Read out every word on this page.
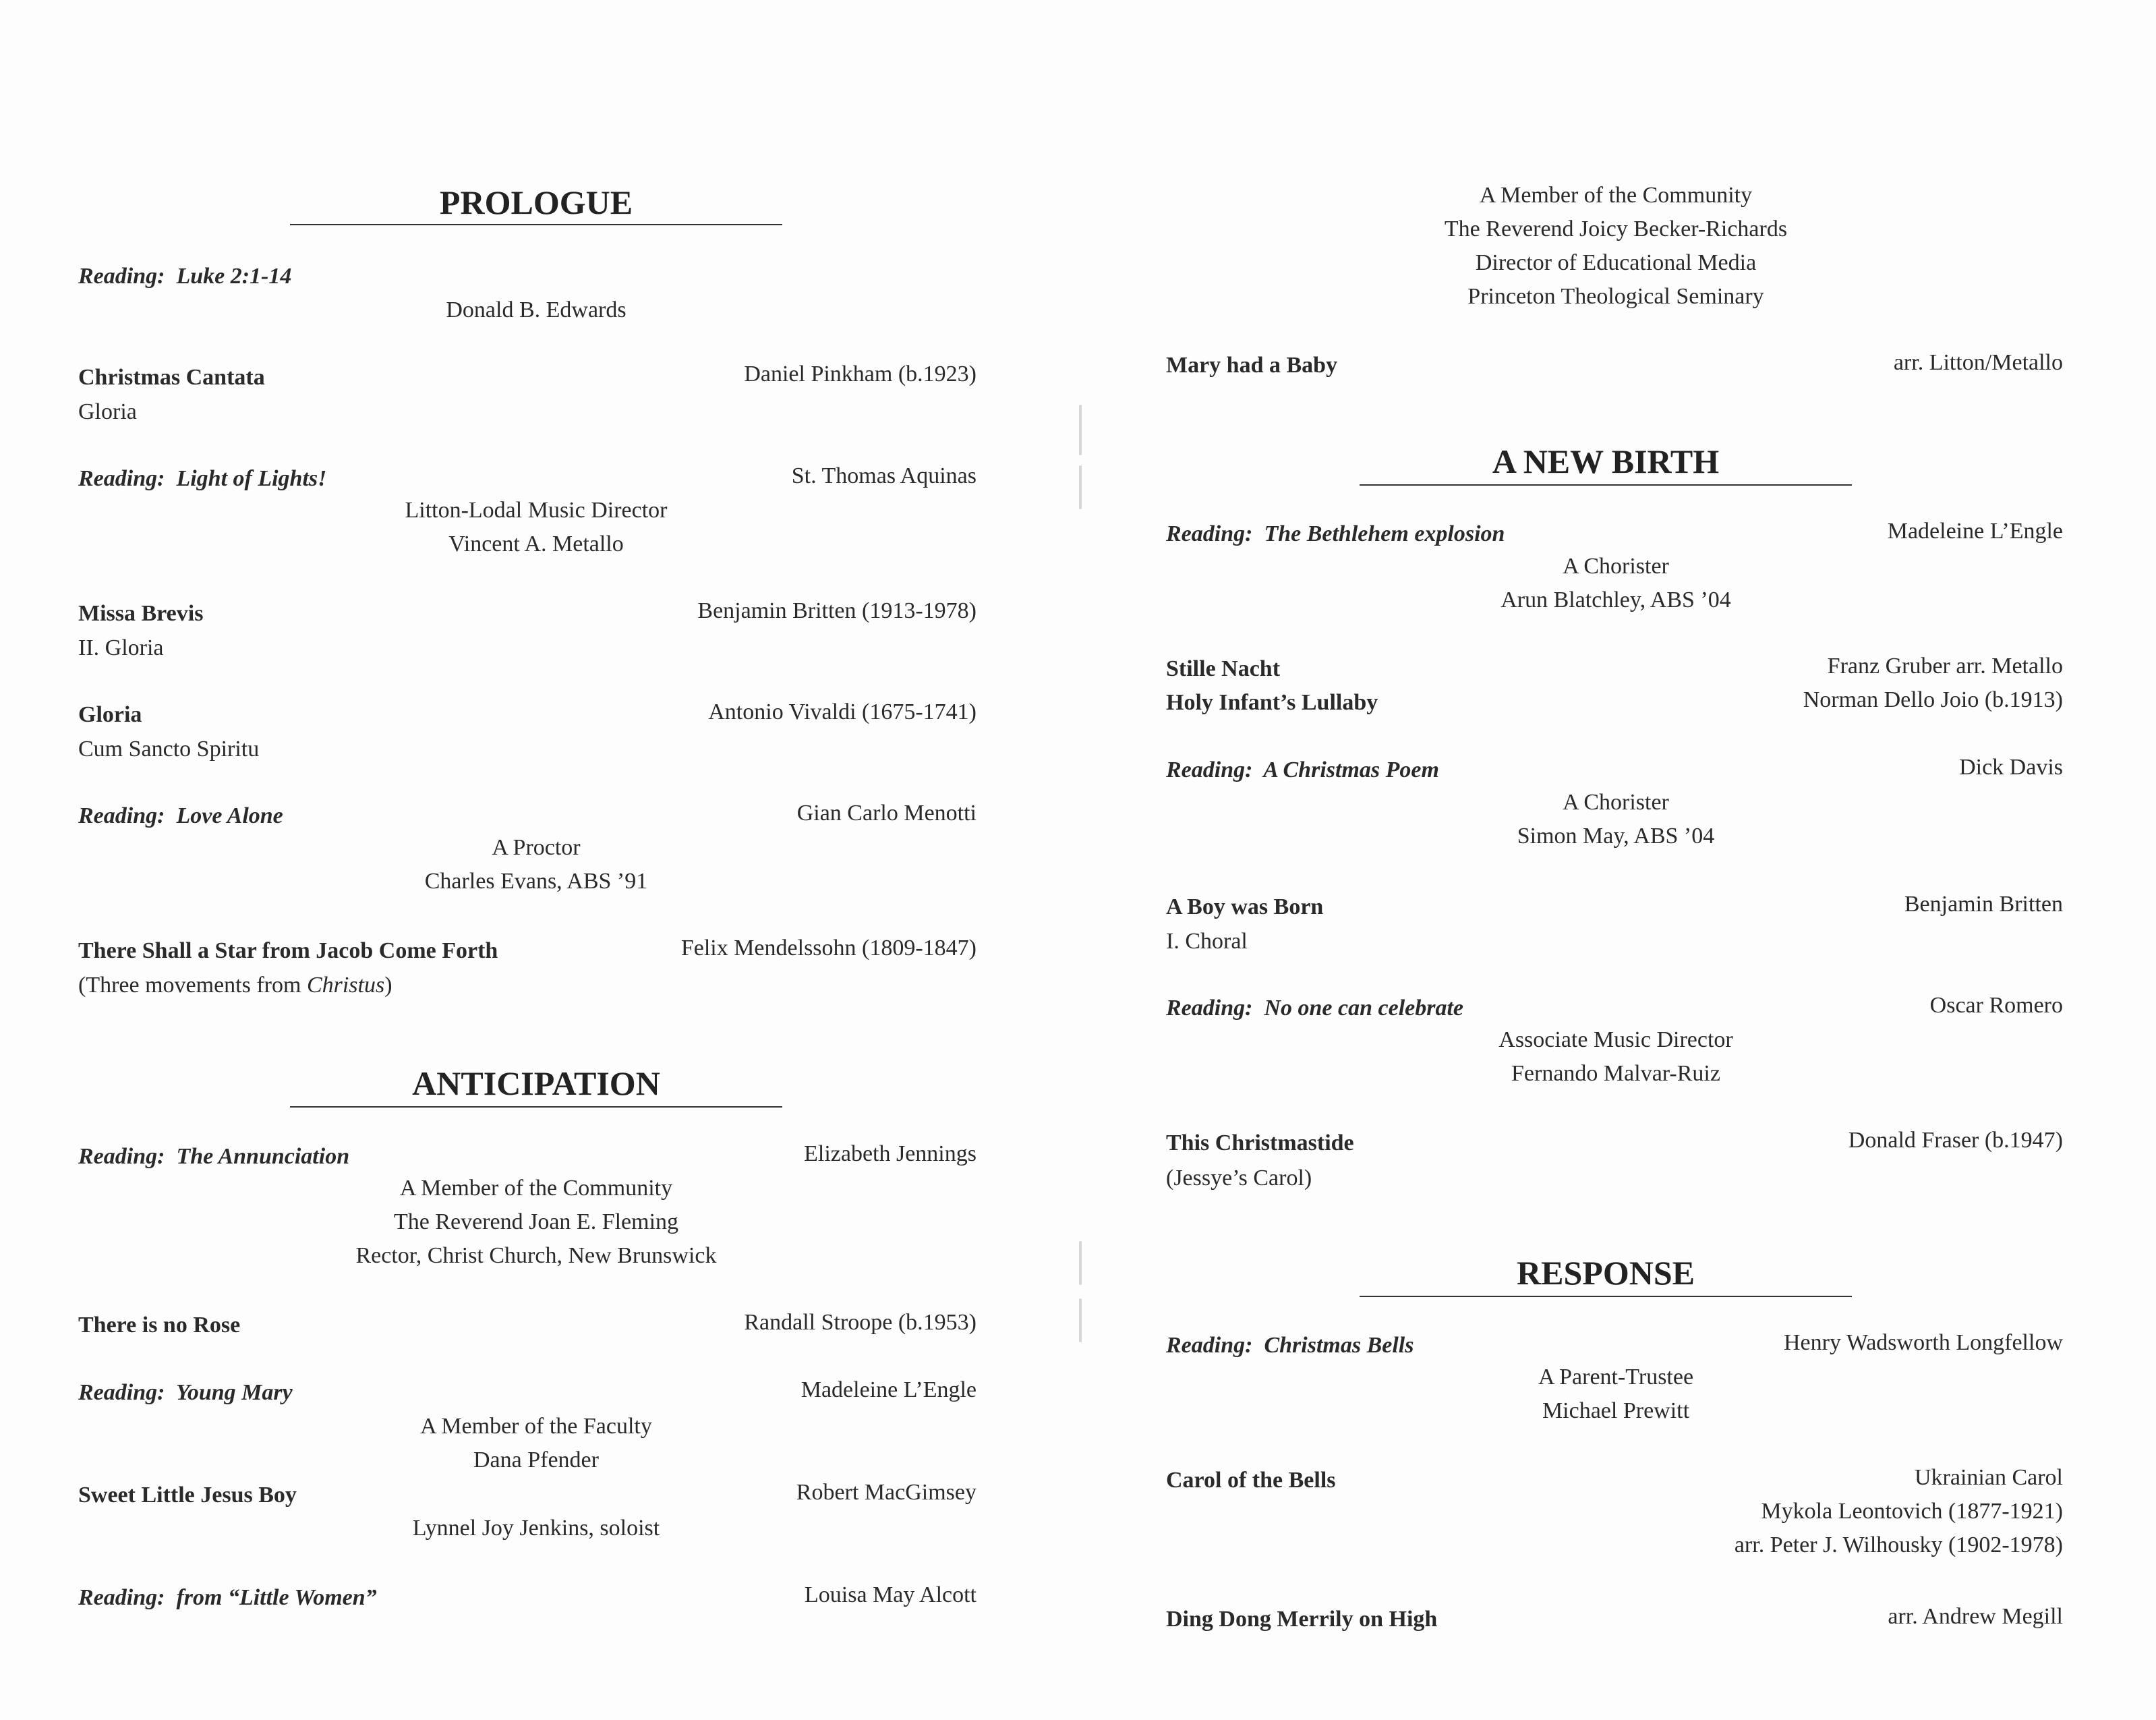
PROLOGUE
Reading: Luke 2:1-14
Donald B. Edwards
Christmas Cantata	Daniel Pinkham (b.1923)
Gloria
Reading: Light of Lights!	St. Thomas Aquinas
Litton-Lodal Music Director
Vincent A. Metallo
Missa Brevis	Benjamin Britten (1913-1978)
II. Gloria
Gloria	Antonio Vivaldi (1675-1741)
Cum Sancto Spiritu
Reading: Love Alone	Gian Carlo Menotti
A Proctor
Charles Evans, ABS ’91
There Shall a Star from Jacob Come Forth	Felix Mendelssohn (1809-1847)
(Three movements from Christus)
ANTICIPATION
Reading: The Annunciation	Elizabeth Jennings
A Member of the Community
The Reverend Joan E. Fleming
Rector, Christ Church, New Brunswick
There is no Rose	Randall Stroope (b.1953)
Reading: Young Mary	Madeleine L’Engle
A Member of the Faculty
Dana Pfender
Sweet Little Jesus Boy	Robert MacGimsey
Lynnel Joy Jenkins, soloist
Reading: from “Little Women”	Louisa May Alcott
A Member of the Community
The Reverend Joicy Becker-Richards
Director of Educational Media
Princeton Theological Seminary
Mary had a Baby	arr. Litton/Metallo
A NEW BIRTH
Reading: The Bethlehem explosion	Madeleine L’Engle
A Chorister
Arun Blatchley, ABS ’04
Stille Nacht	Franz Gruber arr. Metallo
Holy Infant’s Lullaby	Norman Dello Joio (b.1913)
Reading: A Christmas Poem	Dick Davis
A Chorister
Simon May, ABS ’04
A Boy was Born	Benjamin Britten
I. Choral
Reading: No one can celebrate	Oscar Romero
Associate Music Director
Fernando Malvar-Ruiz
This Christmastide	Donald Fraser (b.1947)
(Jessye’s Carol)
RESPONSE
Reading: Christmas Bells	Henry Wadsworth Longfellow
A Parent-Trustee
Michael Prewitt
Carol of the Bells	Ukrainian Carol
Mykola Leontovich (1877-1921)
arr. Peter J. Wilhousky (1902-1978)
Ding Dong Merrily on High	arr. Andrew Megill
